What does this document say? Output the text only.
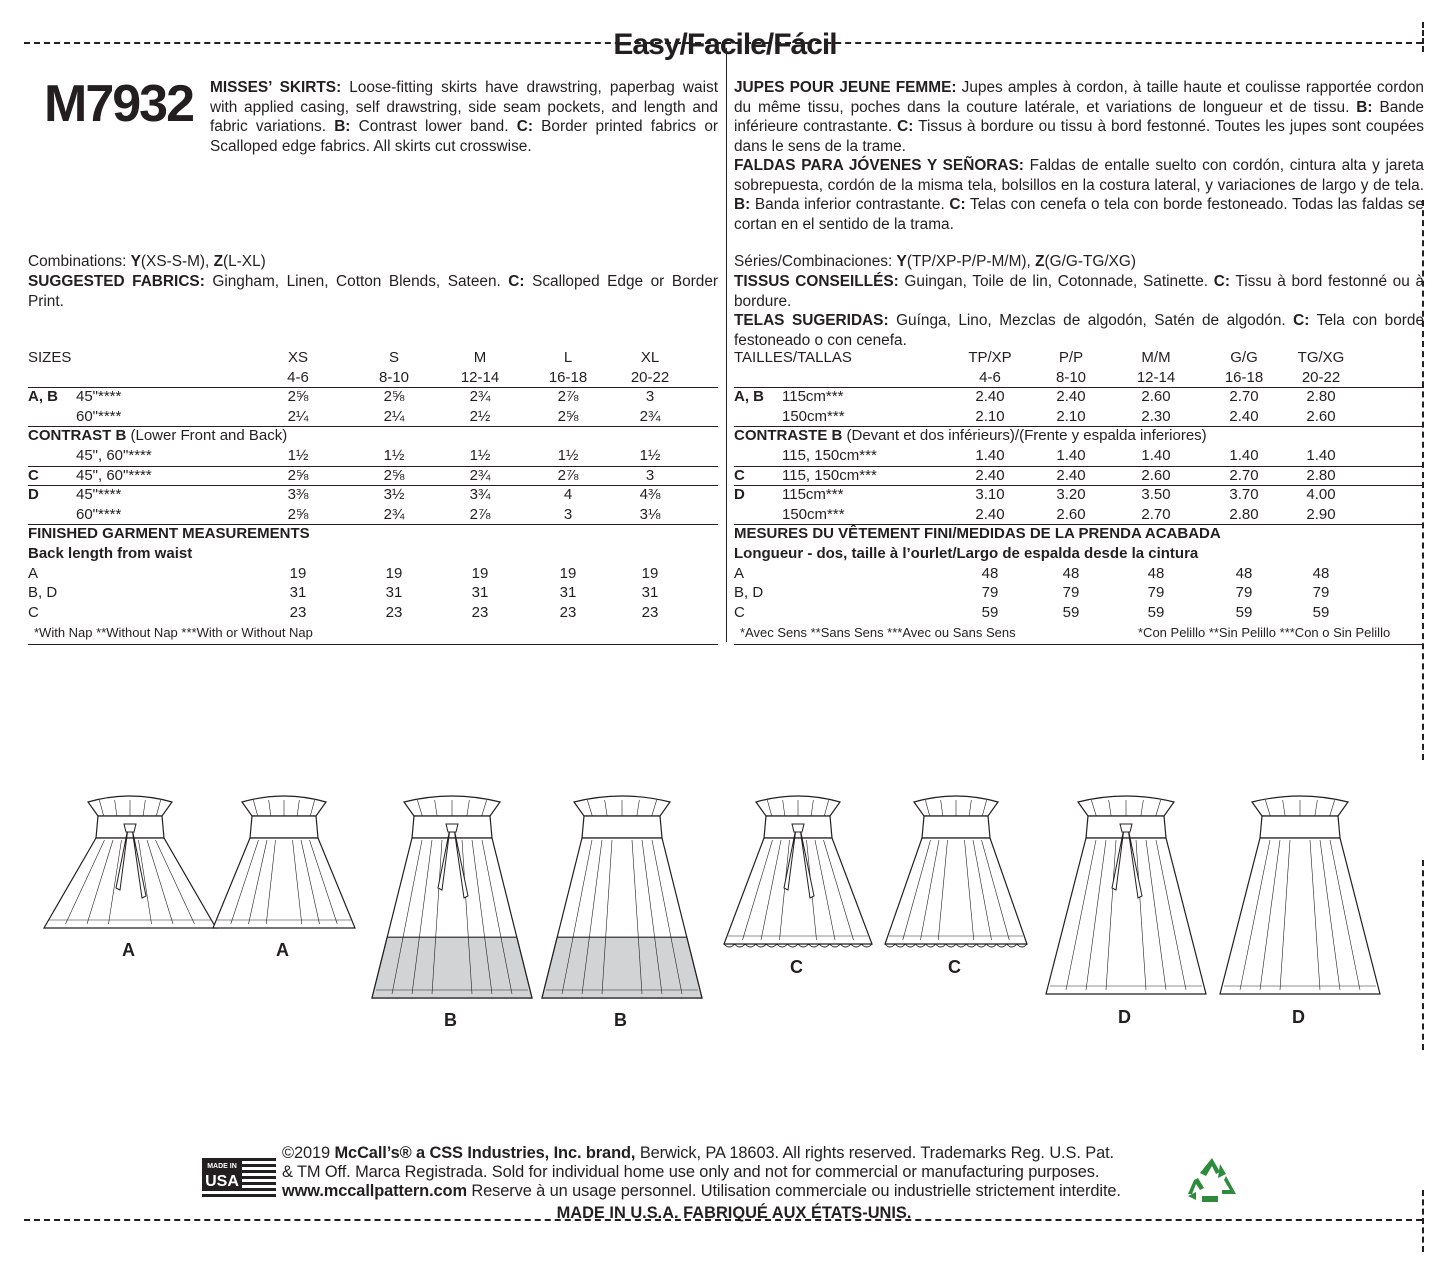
Easy/Facile/Fácil
M7932 MISSES’ SKIRTS: Loose-fitting skirts have drawstring, paperbag waist with applied casing, self drawstring, side seam pockets, and length and fabric variations. B: Contrast lower band. C: Border printed fabrics or Scalloped edge fabrics. All skirts cut crosswise.
JUPES POUR JEUNE FEMME: Jupes amples à cordon, à taille haute et coulisse rapportée cordon du même tissu, poches dans la couture latérale, et variations de longueur et de tissu. B: Bande inférieure contrastante. C: Tissus à bordure ou tissu à bord festonné. Toutes les jupes sont coupées dans le sens de la trame.
FALDAS PARA JÓVENES Y SEÑORAS: Faldas de entalle suelto con cordón, cintura alta y jareta sobrepuesta, cordón de la misma tela, bolsillos en la costura lateral, y variaciones de largo y de tela. B: Banda inferior contrastante. C: Telas con cenefa o tela con borde festoneado. Todas las faldas se cortan en el sentido de la trama.
Combinations: Y(XS-S-M), Z(L-XL)
SUGGESTED FABRICS: Gingham, Linen, Cotton Blends, Sateen. C: Scalloped Edge or Border Print.
Séries/Combinaciones: Y(TP/XP-P/P-M/M), Z(G/G-TG/XG)
TISSUS CONSEILLÉS: Guingan, Toile de lin, Cotonnade, Satinette. C: Tissu à bord festonné ou à bordure.
TELAS SUGERIDAS: Guínga, Lino, Mezclas de algodón, Satén de algodón. C: Tela con borde festoneado o con cenefa.
SIZES	XS	S	M	L	XL
4-6	8-10	12-14	16-18	20-22
A, B 45"****	2⅝	2⅝	2¾	2⅞	3
60"****	2¼	2¼	2½	2⅝	2¾
CONTRAST B (Lower Front and Back)
45", 60"****	1½	1½	1½	1½	1½
C 45", 60"****	2⅝	2⅝	2¾	2⅞	3
D 45"****	3⅜	3½	3¾	4	4⅜
60"****	2⅝	2¾	2⅞	3	3⅛
FINISHED GARMENT MEASUREMENTS
Back length from waist
A	19	19	19	19	19
B, D	31	31	31	31	31
C	23	23	23	23	23
*With Nap **Without Nap ***With or Without Nap
TAILLES/TALLAS	TP/XP	P/P	M/M	G/G	TG/XG
4-6	8-10	12-14	16-18	20-22
A, B 115cm***	2.40	2.40	2.60	2.70	2.80
150cm***	2.10	2.10	2.30	2.40	2.60
CONTRASTE B (Devant et dos inférieurs)/(Frente y espalda inferiores)
115, 150cm***	1.40	1.40	1.40	1.40	1.40
C 115, 150cm***	2.40	2.40	2.60	2.70	2.80
D 115cm***	3.10	3.20	3.50	3.70	4.00
150cm***	2.40	2.60	2.70	2.80	2.90
MESURES DU VÊTEMENT FINI/MEDIDAS DE LA PRENDA ACABADA
Longueur - dos, taille à l’ourlet/Largo de espalda desde la cintura
A	48	48	48	48	48
B, D	79	79	79	79	79
C	59	59	59	59	59
*Avec Sens **Sans Sens ***Avec ou Sans Sens	*Con Pelillo **Sin Pelillo ***Con o Sin Pelillo
A	A
B	B
C	C
D	D
MADE IN
USA
©2019 McCall’s® a CSS Industries, Inc. brand, Berwick, PA 18603. All rights reserved. Trademarks Reg. U.S. Pat.
& TM Off. Marca Registrada. Sold for individual home use only and not for commercial or manufacturing purposes.
www.mccallpattern.com Reserve à un usage personnel. Utilisation commerciale ou industrielle strictement interdite.
MADE IN U.S.A. FABRIQUÉ AUX ÉTATS-UNIS.
